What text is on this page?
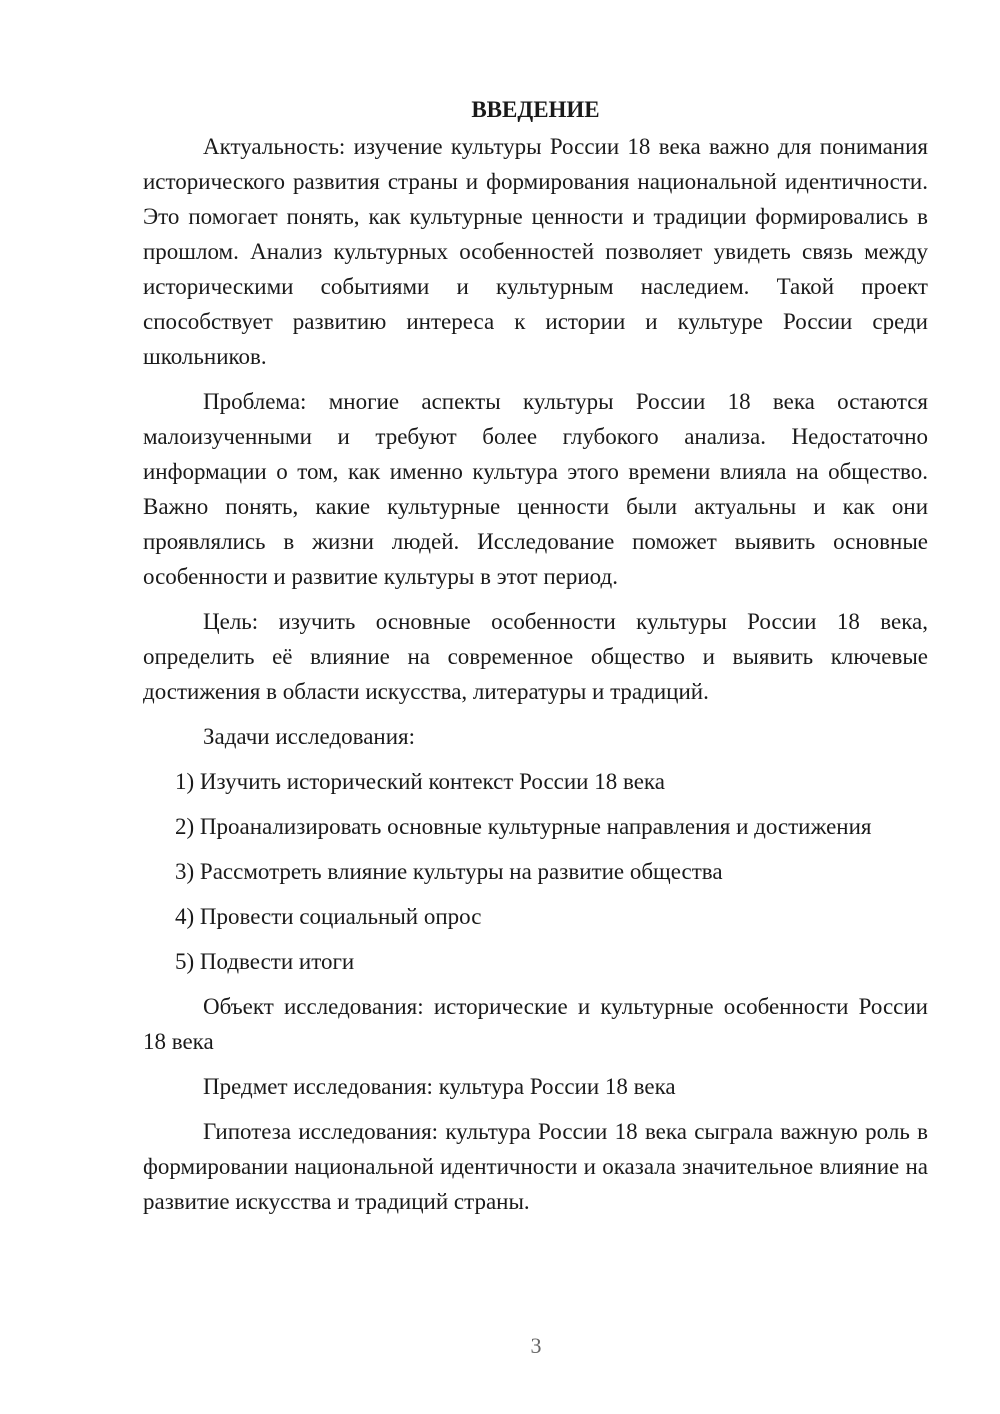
ВВЕДЕНИЕ

Актуальность: изучение культуры России 18 века важно для понимания исторического развития страны и формирования национальной идентичности. Это помогает понять, как культурные ценности и традиции формировались в прошлом. Анализ культурных особенностей позволяет увидеть связь между историческими событиями и культурным наследием. Такой проект способствует развитию интереса к истории и культуре России среди школьников.

Проблема: многие аспекты культуры России 18 века остаются малоизученными и требуют более глубокого анализа. Недостаточно информации о том, как именно культура этого времени влияла на общество. Важно понять, какие культурные ценности были актуальны и как они проявлялись в жизни людей. Исследование поможет выявить основные особенности и развитие культуры в этот период.

Цель: изучить основные особенности культуры России 18 века, определить её влияние на современное общество и выявить ключевые достижения в области искусства, литературы и традиций.

Задачи исследования:

1) Изучить исторический контекст России 18 века

2) Проанализировать основные культурные направления и достижения

3) Рассмотреть влияние культуры на развитие общества

4) Провести социальный опрос

5) Подвести итоги

Объект исследования: исторические и культурные особенности России 18 века

Предмет исследования: культура России 18 века

Гипотеза исследования: культура России 18 века сыграла важную роль в формировании национальной идентичности и оказала значительное влияние на развитие искусства и традиций страны.

3
